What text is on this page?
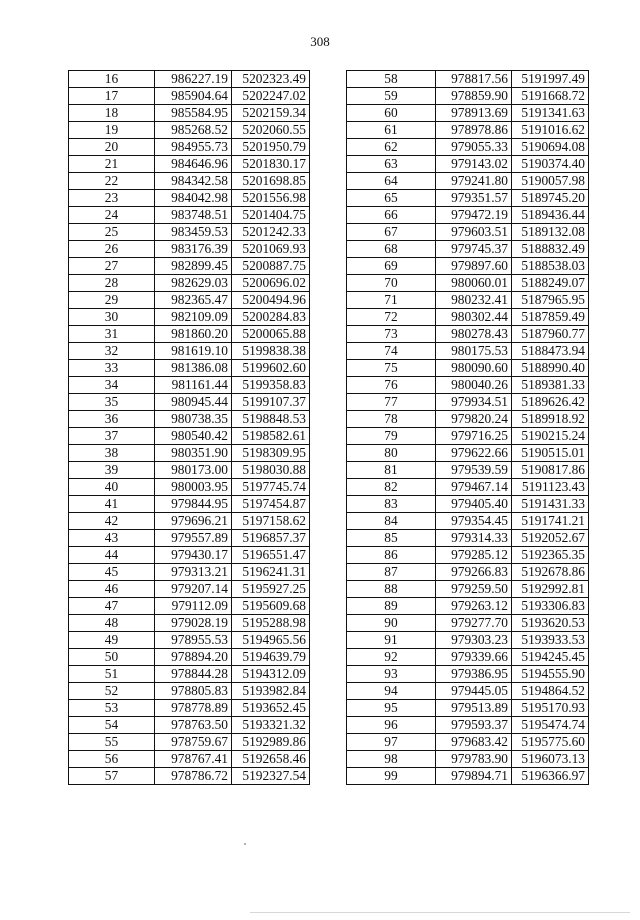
308
16	986227.19	5202323.49
17	985904.64	5202247.02
18	985584.95	5202159.34
19	985268.52	5202060.55
20	984955.73	5201950.79
21	984646.96	5201830.17
22	984342.58	5201698.85
23	984042.98	5201556.98
24	983748.51	5201404.75
25	983459.53	5201242.33
26	983176.39	5201069.93
27	982899.45	5200887.75
28	982629.03	5200696.02
29	982365.47	5200494.96
30	982109.09	5200284.83
31	981860.20	5200065.88
32	981619.10	5199838.38
33	981386.08	5199602.60
34	981161.44	5199358.83
35	980945.44	5199107.37
36	980738.35	5198848.53
37	980540.42	5198582.61
38	980351.90	5198309.95
39	980173.00	5198030.88
40	980003.95	5197745.74
41	979844.95	5197454.87
42	979696.21	5197158.62
43	979557.89	5196857.37
44	979430.17	5196551.47
45	979313.21	5196241.31
46	979207.14	5195927.25
47	979112.09	5195609.68
48	979028.19	5195288.98
49	978955.53	5194965.56
50	978894.20	5194639.79
51	978844.28	5194312.09
52	978805.83	5193982.84
53	978778.89	5193652.45
54	978763.50	5193321.32
55	978759.67	5192989.86
56	978767.41	5192658.46
57	978786.72	5192327.54
58	978817.56	5191997.49
59	978859.90	5191668.72
60	978913.69	5191341.63
61	978978.86	5191016.62
62	979055.33	5190694.08
63	979143.02	5190374.40
64	979241.80	5190057.98
65	979351.57	5189745.20
66	979472.19	5189436.44
67	979603.51	5189132.08
68	979745.37	5188832.49
69	979897.60	5188538.03
70	980060.01	5188249.07
71	980232.41	5187965.95
72	980302.44	5187859.49
73	980278.43	5187960.77
74	980175.53	5188473.94
75	980090.60	5188990.40
76	980040.26	5189381.33
77	979934.51	5189626.42
78	979820.24	5189918.92
79	979716.25	5190215.24
80	979622.66	5190515.01
81	979539.59	5190817.86
82	979467.14	5191123.43
83	979405.40	5191431.33
84	979354.45	5191741.21
85	979314.33	5192052.67
86	979285.12	5192365.35
87	979266.83	5192678.86
88	979259.50	5192992.81
89	979263.12	5193306.83
90	979277.70	5193620.53
91	979303.23	5193933.53
92	979339.66	5194245.45
93	979386.95	5194555.90
94	979445.05	5194864.52
95	979513.89	5195170.93
96	979593.37	5195474.74
97	979683.42	5195775.60
98	979783.90	5196073.13
99	979894.71	5196366.97
